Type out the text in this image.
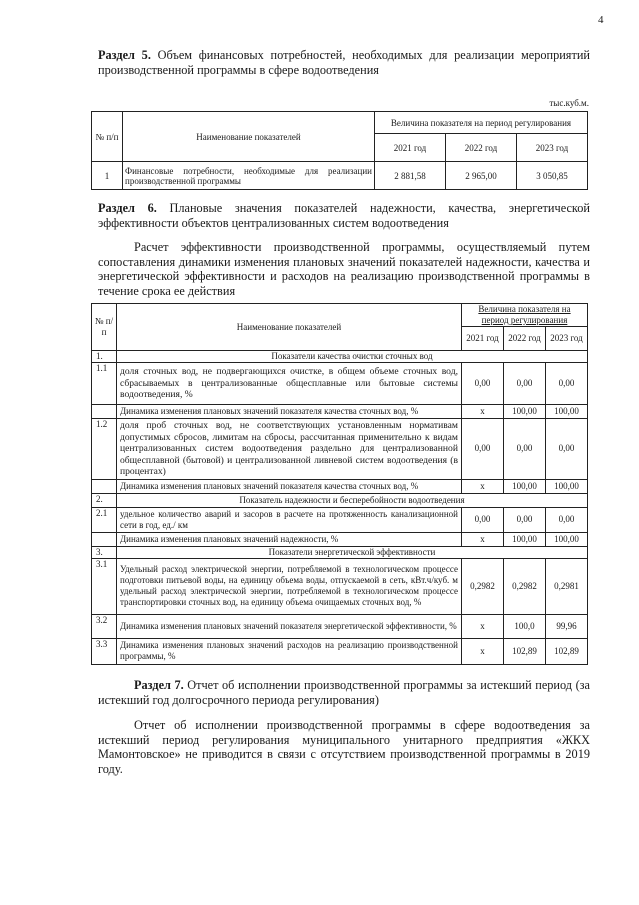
4
Раздел 5. Объем финансовых потребностей, необходимых для реализации мероприятий производственной программы в сфере водоотведения
тыс.куб.м.
№ п/п	Наименование показателей	Величина показателя на период регулирования		
		2021 год	2022 год	2023 год
1	Финансовые потребности, необходимые для реализации производственной программы	2 881,58	2 965,00	3 050,85
Раздел 6. Плановые значения показателей надежности, качества, энергетической эффективности объектов централизованных систем водоотведения
Расчет эффективности производственной программы, осуществляемый путем сопоставления динамики изменения плановых значений показателей надежности, качества и энергетической эффективности и расходов на реализацию производственной программы в течение срока ее действия
№ п/п	Наименование показателей	Величина показателя на период регулирования		
		2021 год	2022 год	2023 год
1.	Показатели качества очистки сточных вод			
1.1	доля сточных вод, не подвергающихся очистке, в общем объеме сточных вод, сбрасываемых в централизованные общесплавные или бытовые системы водоотведения, %	0,00	0,00	0,00
	Динамика изменения плановых значений показателя качества сточных вод, %	х	100,00	100,00
1.2	доля проб сточных вод, не соответствующих установленным нормативам допустимых сбросов, лимитам на сбросы, рассчитанная применительно к видам централизованных систем водоотведения раздельно для централизованной общесплавной (бытовой) и централизованной ливневой систем водоотведения (в процентах)	0,00	0,00	0,00
	Динамика изменения плановых значений показателя качества сточных вод, %	х	100,00	100,00
2.	Показатель надежности и бесперебойности водоотведения			
2.1	удельное количество аварий и засоров в расчете на протяженность канализационной сети в год, ед./ км	0,00	0,00	0,00
	Динамика изменения плановых значений надежности, %	х	100,00	100,00
3.	Показатели энергетической эффективности			
3.1	Удельный расход электрической энергии, потребляемой в технологическом процессе подготовки питьевой воды, на единицу объема воды, отпускаемой в сеть, кВт.ч/куб. м удельный расход электрической энергии, потребляемой в технологическом процессе транспортировки сточных вод, на единицу объема очищаемых сточных вод, %	0,2982	0,2982	0,2981
3.2	Динамика изменения плановых значений показателя энергетической эффективности, %	х	100,0	99,96
3.3	Динамика изменения плановых значений расходов на реализацию производственной программы, %	х	102,89	102,89
Раздел 7. Отчет об исполнении производственной программы за истекший период (за истекший год долгосрочного периода регулирования)
Отчет об исполнении производственной программы в сфере водоотведения за истекший период регулирования муниципального унитарного предприятия «ЖКХ Мамонтовское» не приводится в связи с отсутствием производственной программы в 2019 году.
